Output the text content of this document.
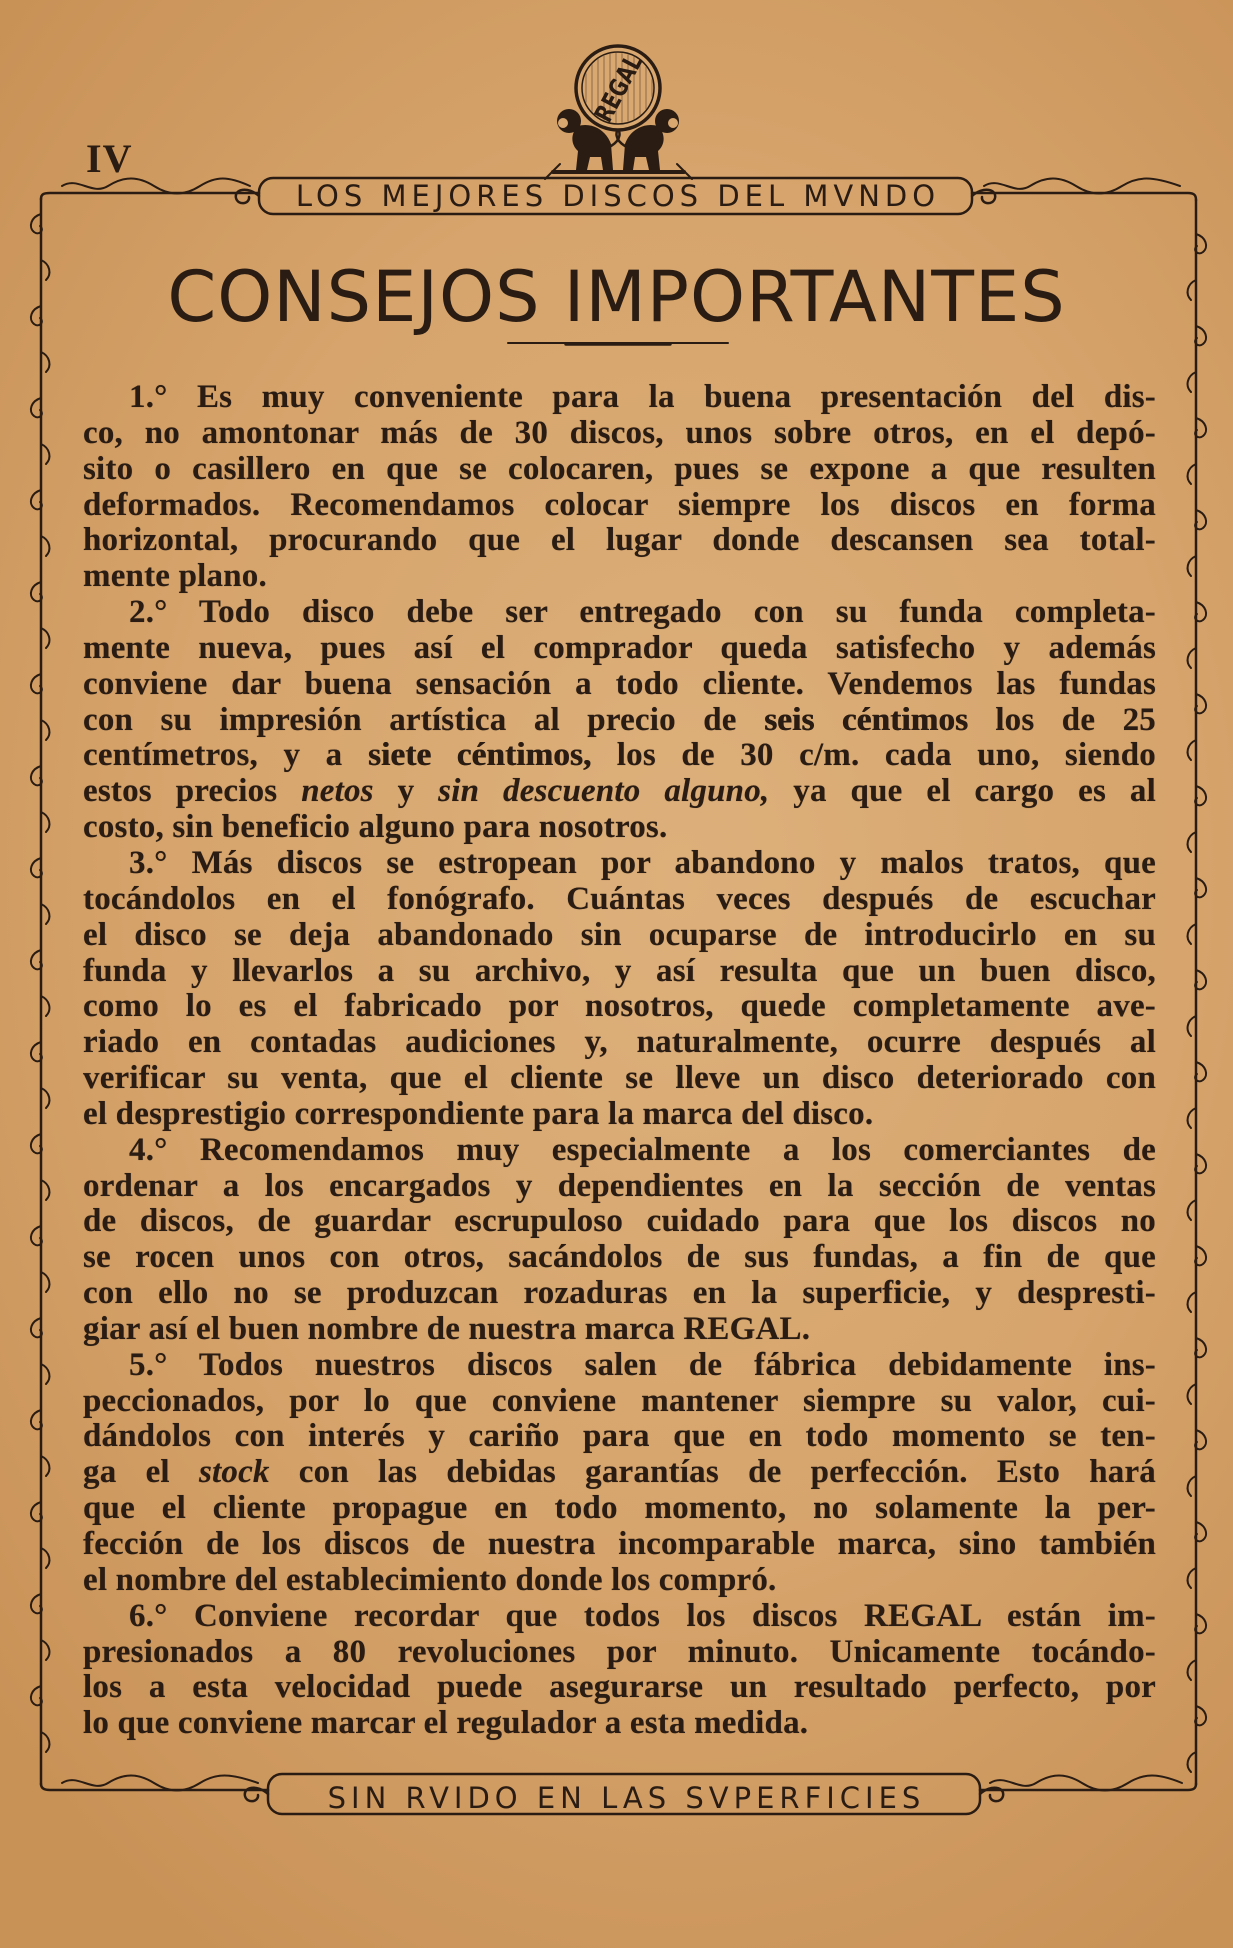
REGAL
IV
LOS MEJORES DISCOS DEL MVNDO
CONSEJOS IMPORTANTES
1.° Es muy conveniente para la buena presentación del dis-
co, no amontonar más de 30 discos, unos sobre otros, en el depó-
sito o casillero en que se colocaren, pues se expone a que resulten
deformados. Recomendamos colocar siempre los discos en forma
horizontal, procurando que el lugar donde descansen sea total-
mente plano.
2.° Todo disco debe ser entregado con su funda completa-
mente nueva, pues así el comprador queda satisfecho y además
conviene dar buena sensación a todo cliente. Vendemos las fundas
con su impresión artística al precio de seis céntimos los de 25
centímetros, y a siete céntimos, los de 30 c/m. cada uno, siendo
estos precios netos y sin descuento alguno, ya que el cargo es al
costo, sin beneficio alguno para nosotros.
3.° Más discos se estropean por abandono y malos tratos, que
tocándolos en el fonógrafo. Cuántas veces después de escuchar
el disco se deja abandonado sin ocuparse de introducirlo en su
funda y llevarlos a su archivo, y así resulta que un buen disco,
como lo es el fabricado por nosotros, quede completamente ave-
riado en contadas audiciones y, naturalmente, ocurre después al
verificar su venta, que el cliente se lleve un disco deteriorado con
el desprestigio correspondiente para la marca del disco.
4.° Recomendamos muy especialmente a los comerciantes de
ordenar a los encargados y dependientes en la sección de ventas
de discos, de guardar escrupuloso cuidado para que los discos no
se rocen unos con otros, sacándolos de sus fundas, a fin de que
con ello no se produzcan rozaduras en la superficie, y despresti-
giar así el buen nombre de nuestra marca REGAL.
5.° Todos nuestros discos salen de fábrica debidamente ins-
peccionados, por lo que conviene mantener siempre su valor, cui-
dándolos con interés y cariño para que en todo momento se ten-
ga el stock con las debidas garantías de perfección. Esto hará
que el cliente propague en todo momento, no solamente la per-
fección de los discos de nuestra incomparable marca, sino también
el nombre del establecimiento donde los compró.
6.° Conviene recordar que todos los discos REGAL están im-
presionados a 80 revoluciones por minuto. Unicamente tocándo-
los a esta velocidad puede asegurarse un resultado perfecto, por
lo que conviene marcar el regulador a esta medida.
SIN RVIDO EN LAS SVPERFICIES
